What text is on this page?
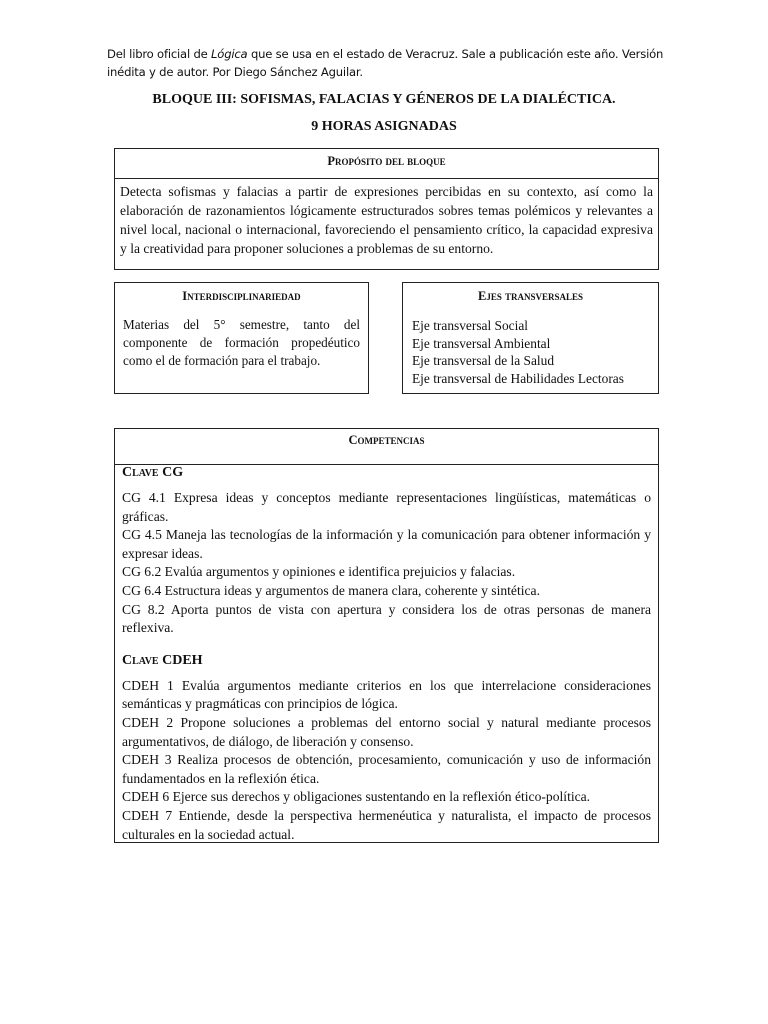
Del libro oficial de Lógica que se usa en el estado de Veracruz. Sale a publicación este año. Versión inédita y de autor. Por Diego Sánchez Aguilar.
BLOQUE III: SOFISMAS, FALACIAS Y GÉNEROS DE LA DIALÉCTICA.
9 HORAS ASIGNADAS
Propósito del bloque
Detecta sofismas y falacias a partir de expresiones percibidas en su contexto, así como la elaboración de razonamientos lógicamente estructurados sobres temas polémicos y relevantes a nivel local, nacional o internacional, favoreciendo el pensamiento crítico, la capacidad expresiva y la creatividad para proponer soluciones a problemas de su entorno.
Interdisciplinariedad
Materias del 5° semestre, tanto del componente de formación propedéutico como el de formación para el trabajo.
Ejes transversales
Eje transversal Social
Eje transversal Ambiental
Eje transversal de la Salud
Eje transversal de Habilidades Lectoras
Competencias
Clave CG
CG 4.1 Expresa ideas y conceptos mediante representaciones lingüísticas, matemáticas o gráficas.
CG 4.5 Maneja las tecnologías de la información y la comunicación para obtener información y expresar ideas.
CG 6.2 Evalúa argumentos y opiniones e identifica prejuicios y falacias.
CG 6.4 Estructura ideas y argumentos de manera clara, coherente y sintética.
CG 8.2 Aporta puntos de vista con apertura y considera los de otras personas de manera reflexiva.
Clave CDEH
CDEH 1 Evalúa argumentos mediante criterios en los que interrelacione consideraciones semánticas y pragmáticas con principios de lógica.
CDEH 2 Propone soluciones a problemas del entorno social y natural mediante procesos argumentativos, de diálogo, de liberación y consenso.
CDEH 3 Realiza procesos de obtención, procesamiento, comunicación y uso de información fundamentados en la reflexión ética.
CDEH 6 Ejerce sus derechos y obligaciones sustentando en la reflexión ético-política.
CDEH 7 Entiende, desde la perspectiva hermenéutica y naturalista, el impacto de procesos culturales en la sociedad actual.
